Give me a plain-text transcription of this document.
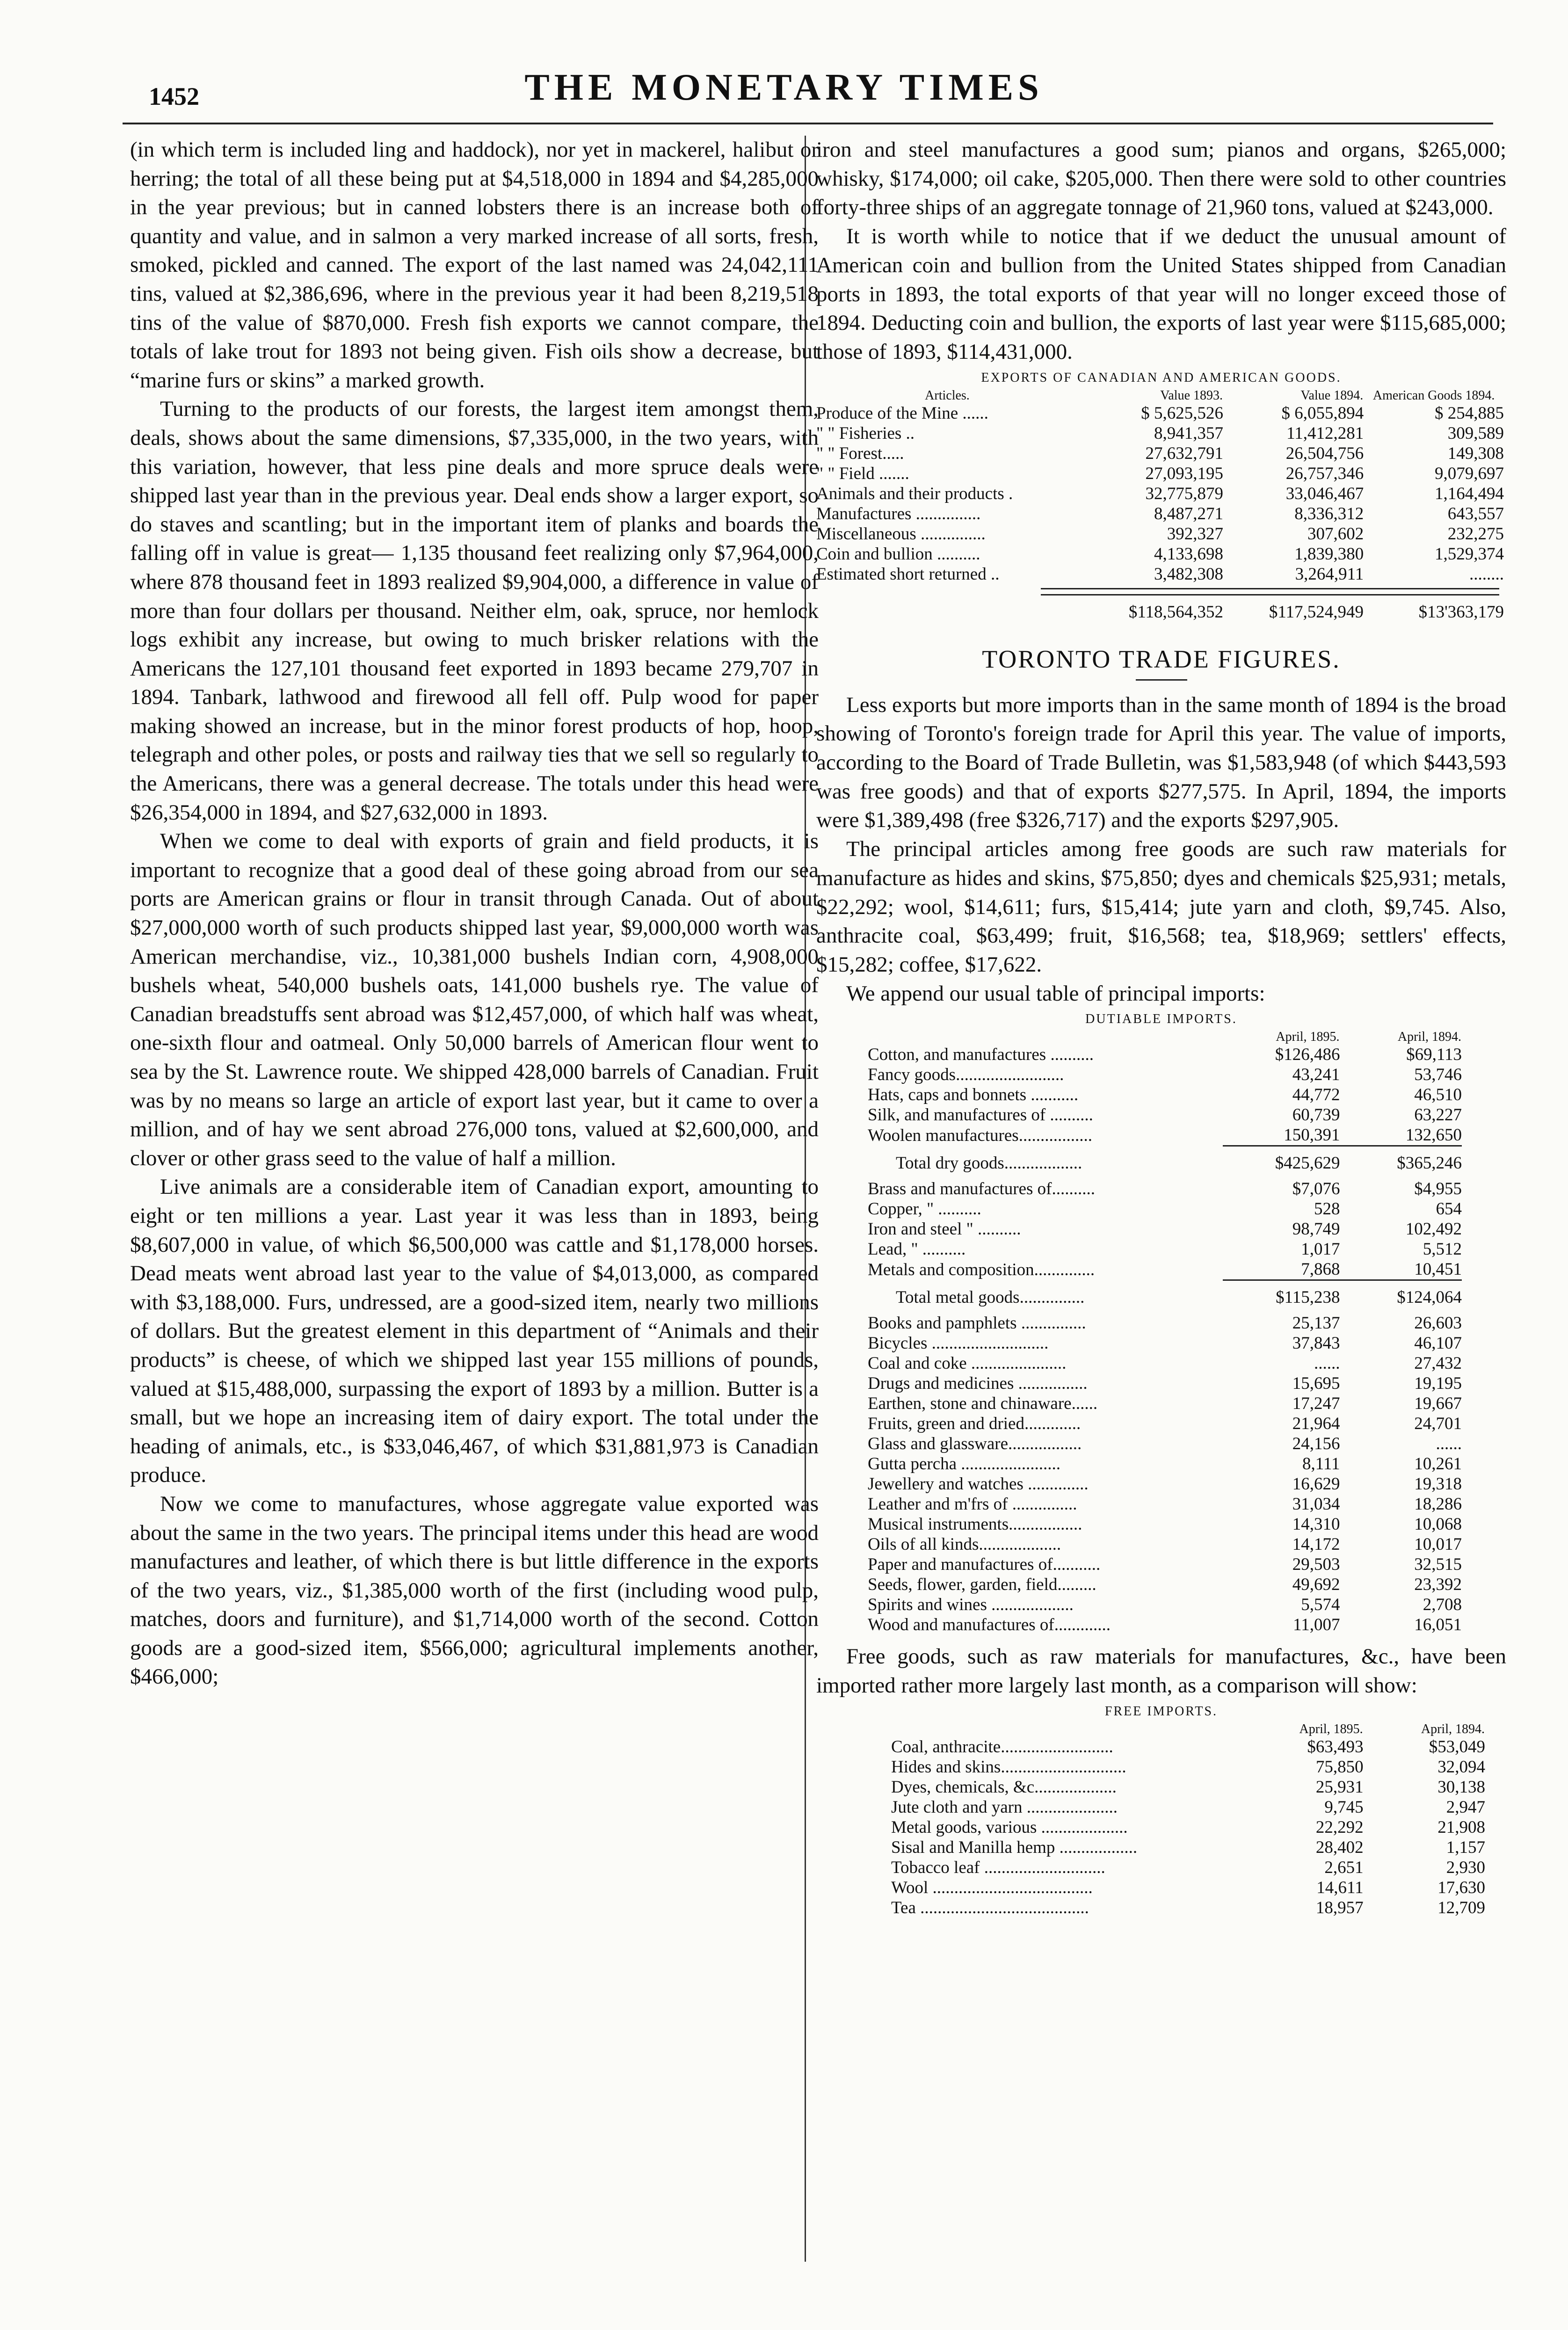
1452	THE MONETARY TIMES

(in which term is included ling and haddock), nor yet in mackerel, halibut or herring; the total of all these being put at $4,518,000 in 1894 and $4,285,000 in the year previous; but in canned lobsters there is an increase both of quantity and value, and in salmon a very marked increase of all sorts, fresh, smoked, pickled and canned. The export of the last named was 24,042,111 tins, valued at $2,386,696, where in the previous year it had been 8,219,518 tins of the value of $870,000. Fresh fish exports we cannot compare, the totals of lake trout for 1893 not being given. Fish oils show a decrease, but “marine furs or skins” a marked growth.

Turning to the products of our forests, the largest item amongst them, deals, shows about the same dimensions, $7,335,000, in the two years, with this variation, however, that less pine deals and more spruce deals were shipped last year than in the previous year. Deal ends show a larger export, so do staves and scantling; but in the important item of planks and boards the falling off in value is great— 1,135 thousand feet realizing only $7,964,000, where 878 thousand feet in 1893 realized $9,904,000, a difference in value of more than four dollars per thousand. Neither elm, oak, spruce, nor hemlock logs exhibit any increase, but owing to much brisker relations with the Americans the 127,101 thousand feet exported in 1893 became 279,707 in 1894. Tanbark, lathwood and firewood all fell off. Pulp wood for paper making showed an increase, but in the minor forest products of hop, hoop, telegraph and other poles, or posts and railway ties that we sell so regularly to the Americans, there was a general decrease. The totals under this head were $26,354,000 in 1894, and $27,632,000 in 1893.

When we come to deal with exports of grain and field products, it is important to recognize that a good deal of these going abroad from our sea ports are American grains or flour in transit through Canada. Out of about $27,000,000 worth of such products shipped last year, $9,000,000 worth was American merchandise, viz., 10,381,000 bushels Indian corn, 4,908,000 bushels wheat, 540,000 bushels oats, 141,000 bushels rye. The value of Canadian breadstuffs sent abroad was $12,457,000, of which half was wheat, one-sixth flour and oatmeal. Only 50,000 barrels of American flour went to sea by the St. Lawrence route. We shipped 428,000 barrels of Canadian. Fruit was by no means so large an article of export last year, but it came to over a million, and of hay we sent abroad 276,000 tons, valued at $2,600,000, and clover or other grass seed to the value of half a million.

Live animals are a considerable item of Canadian export, amounting to eight or ten millions a year. Last year it was less than in 1893, being $8,607,000 in value, of which $6,500,000 was cattle and $1,178,000 horses. Dead meats went abroad last year to the value of $4,013,000, as compared with $3,188,000. Furs, undressed, are a good-sized item, nearly two millions of dollars. But the greatest element in this department of “Animals and their products” is cheese, of which we shipped last year 155 millions of pounds, valued at $15,488,000, surpassing the export of 1893 by a million. Butter is a small, but we hope an increasing item of dairy export. The total under the heading of animals, etc., is $33,046,467, of which $31,881,973 is Canadian produce.

Now we come to manufactures, whose aggregate value exported was about the same in the two years. The principal items under this head are wood manufactures and leather, of which there is but little difference in the exports of the two years, viz., $1,385,000 worth of the first (including wood pulp, matches, doors and furniture), and $1,714,000 worth of the second. Cotton goods are a good-sized item, $566,000; agricultural implements another, $466,000;

iron and steel manufactures a good sum; pianos and organs, $265,000; whisky, $174,000; oil cake, $205,000. Then there were sold to other countries forty-three ships of an aggregate tonnage of 21,960 tons, valued at $243,000.

It is worth while to notice that if we deduct the unusual amount of American coin and bullion from the United States shipped from Canadian ports in 1893, the total exports of that year will no longer exceed those of 1894. Deducting coin and bullion, the exports of last year were $115,685,000; those of 1893, $114,431,000.

EXPORTS OF CANADIAN AND AMERICAN GOODS.
Articles.	Value 1893.	Value 1894.	American Goods 1894.
Produce of the Mine ......	$ 5,625,526	$ 6,055,894	$ 254,885
" " Fisheries ..	8,941,357	11,412,281	309,589
" " Forest.....	27,632,791	26,504,756	149,308
" " Field .......	27,093,195	26,757,346	9,079,697
Animals and their products .	32,775,879	33,046,467	1,164,494
Manufactures ...............	8,487,271	8,336,312	643,557
Miscellaneous ...............	392,327	307,602	232,275
Coin and bullion ..........	4,133,698	1,839,380	1,529,374
Estimated short returned ..	3,482,308	3,264,911	........
	$118,564,352	$117,524,949	$13'363,179
TORONTO TRADE FIGURES.

Less exports but more imports than in the same month of 1894 is the broad showing of Toronto's foreign trade for April this year. The value of imports, according to the Board of Trade Bulletin, was $1,583,948 (of which $443,593 was free goods) and that of exports $277,575. In April, 1894, the imports were $1,389,498 (free $326,717) and the exports $297,905.

The principal articles among free goods are such raw materials for manufacture as hides and skins, $75,850; dyes and chemicals $25,931; metals, $22,292; wool, $14,611; furs, $15,414; jute yarn and cloth, $9,745. Also, anthracite coal, $63,499; fruit, $16,568; tea, $18,969; settlers' effects, $15,282; coffee, $17,622.

We append our usual table of principal imports:

DUTIABLE IMPORTS.
	April, 1895.	April, 1894.
Cotton, and manufactures ..........	$126,486	$69,113
Fancy goods.........................	43,241	53,746
Hats, caps and bonnets ...........	44,772	46,510
Silk, and manufactures of ..........	60,739	63,227
Woolen manufactures.................	150,391	132,650
Total dry goods..................	$425,629	$365,246
Brass and manufactures of..........	$7,076	$4,955
Copper, " ..........	528	654
Iron and steel " ..........	98,749	102,492
Lead, " ..........	1,017	5,512
Metals and composition..............	7,868	10,451
Total metal goods...............	$115,238	$124,064
Books and pamphlets ...............	25,137	26,603
Bicycles ...........................	37,843	46,107
Coal and coke ......................	......	27,432
Drugs and medicines ................	15,695	19,195
Earthen, stone and chinaware......	17,247	19,667
Fruits, green and dried.............	21,964	24,701
Glass and glassware.................	24,156	......
Gutta percha .......................	8,111	10,261
Jewellery and watches ..............	16,629	19,318
Leather and m'frs of ...............	31,034	18,286
Musical instruments.................	14,310	10,068
Oils of all kinds...................	14,172	10,017
Paper and manufactures of...........	29,503	32,515
Seeds, flower, garden, field.........	49,692	23,392
Spirits and wines ...................	5,574	2,708
Wood and manufactures of.............	11,007	16,051

Free goods, such as raw materials for manufactures, &c., have been imported rather more largely last month, as a comparison will show:

FREE IMPORTS.
	April, 1895.	April, 1894.
Coal, anthracite..........................	$63,493	$53,049
Hides and skins.............................	75,850	32,094
Dyes, chemicals, &c...................	25,931	30,138
Jute cloth and yarn .....................	9,745	2,947
Metal goods, various ....................	22,292	21,908
Sisal and Manilla hemp ..................	28,402	1,157
Tobacco leaf ............................	2,651	2,930
Wool .....................................	14,611	17,630
Tea .......................................	18,957	12,709
